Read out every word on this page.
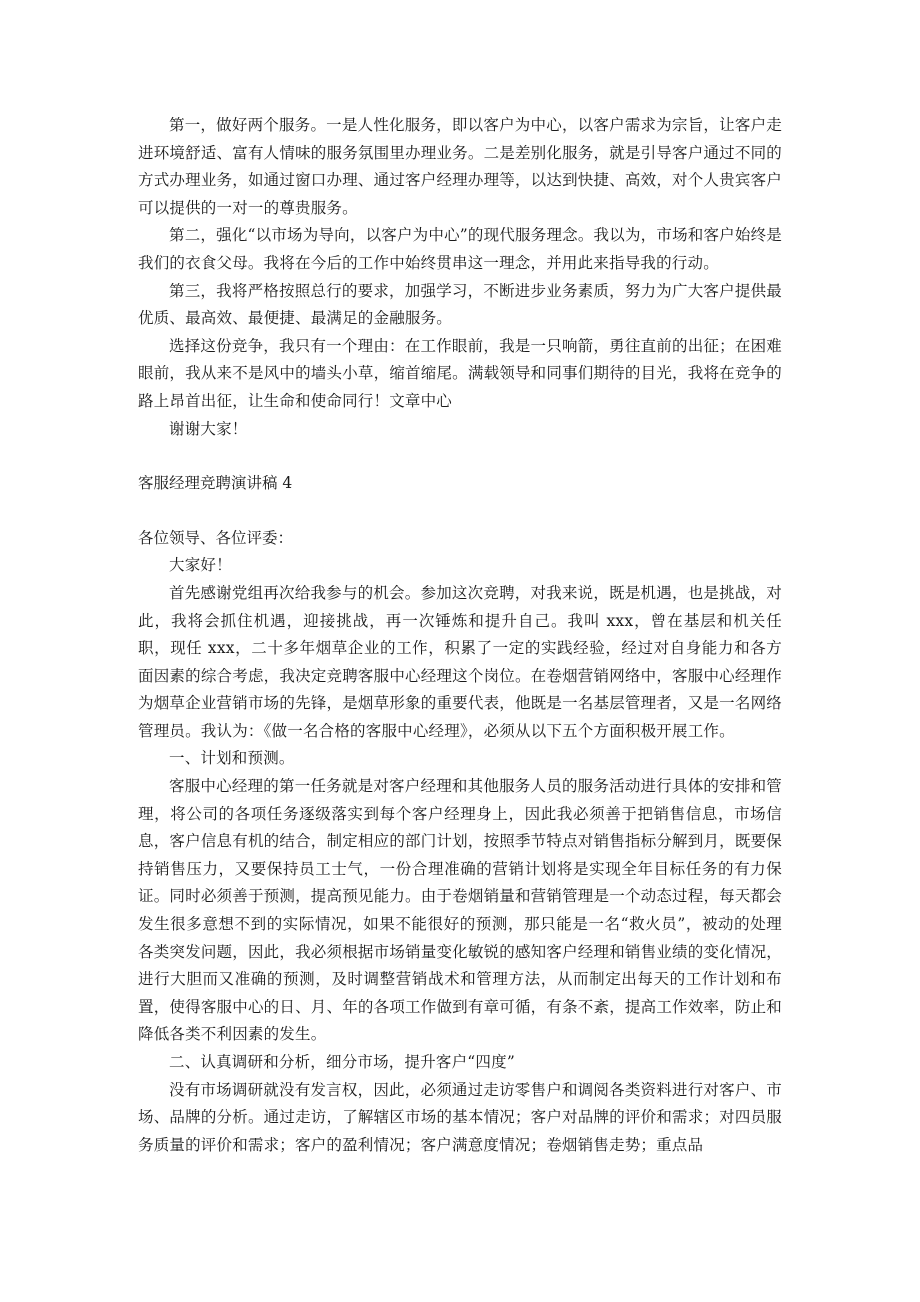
第一，做好两个服务。一是人性化服务，即以客户为中心，以客户需求为宗旨，让客户走进环境舒适、富有人情味的服务氛围里办理业务。二是差别化服务，就是引导客户通过不同的方式办理业务，如通过窗口办理、通过客户经理办理等，以达到快捷、高效，对个人贵宾客户可以提供的一对一的尊贵服务。

第二，强化“以市场为导向，以客户为中心”的现代服务理念。我以为，市场和客户始终是我们的衣食父母。我将在今后的工作中始终贯串这一理念，并用此来指导我的行动。

第三，我将严格按照总行的要求，加强学习，不断进步业务素质，努力为广大客户提供最优质、最高效、最便捷、最满足的金融服务。

选择这份竞争，我只有一个理由：在工作眼前，我是一只响箭，勇往直前的出征；在困难眼前，我从来不是风中的墙头小草，缩首缩尾。满载领导和同事们期待的目光，我将在竞争的路上昂首出征，让生命和使命同行！文章中心

谢谢大家！

客服经理竞聘演讲稿 4

各位领导、各位评委：

大家好！

首先感谢党组再次给我参与的机会。参加这次竞聘，对我来说，既是机遇，也是挑战，对此，我将会抓住机遇，迎接挑战，再一次锤炼和提升自己。我叫 xxx，曾在基层和机关任职，现任 xxx，二十多年烟草企业的工作，积累了一定的实践经验，经过对自身能力和各方面因素的综合考虑，我决定竞聘客服中心经理这个岗位。在卷烟营销网络中，客服中心经理作为烟草企业营销市场的先锋，是烟草形象的重要代表，他既是一名基层管理者，又是一名网络管理员。我认为：《做一名合格的客服中心经理》，必须从以下五个方面积极开展工作。

一、计划和预测。

客服中心经理的第一任务就是对客户经理和其他服务人员的服务活动进行具体的安排和管理，将公司的各项任务逐级落实到每个客户经理身上，因此我必须善于把销售信息，市场信息，客户信息有机的结合，制定相应的部门计划，按照季节特点对销售指标分解到月，既要保持销售压力，又要保持员工士气，一份合理准确的营销计划将是实现全年目标任务的有力保证。同时必须善于预测，提高预见能力。由于卷烟销量和营销管理是一个动态过程，每天都会发生很多意想不到的实际情况，如果不能很好的预测，那只能是一名“救火员”，被动的处理各类突发问题，因此，我必须根据市场销量变化敏锐的感知客户经理和销售业绩的变化情况，进行大胆而又准确的预测，及时调整营销战术和管理方法，从而制定出每天的工作计划和布置，使得客服中心的日、月、年的各项工作做到有章可循，有条不紊，提高工作效率，防止和降低各类不利因素的发生。

二、认真调研和分析，细分市场，提升客户“四度”

没有市场调研就没有发言权，因此，必须通过走访零售户和调阅各类资料进行对客户、市场、品牌的分析。通过走访，了解辖区市场的基本情况；客户对品牌的评价和需求；对四员服务质量的评价和需求；客户的盈利情况；客户满意度情况；卷烟销售走势；重点品
